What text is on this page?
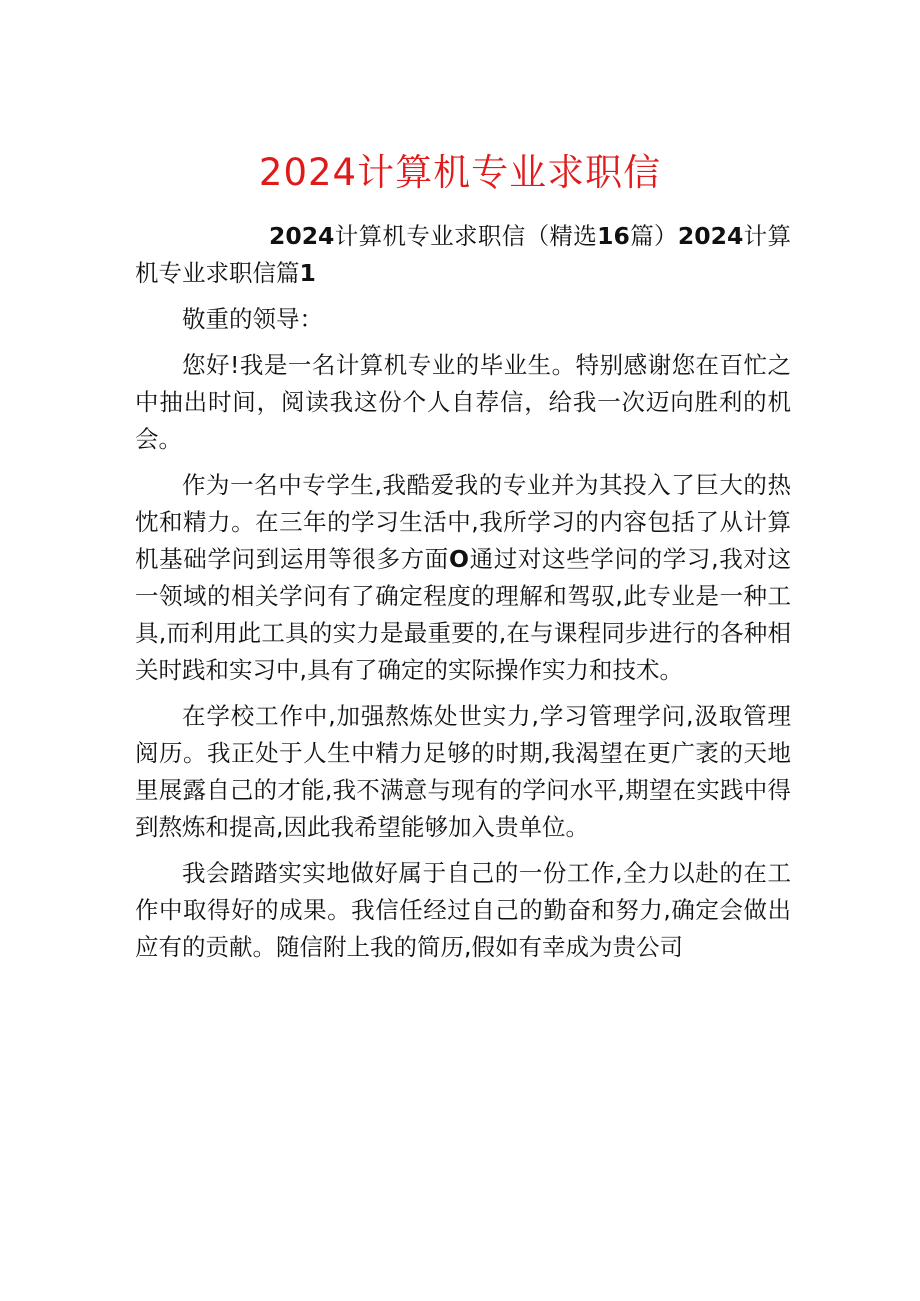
2024计算机专业求职信

2024计算机专业求职信（精选16篇）2024计算机专业求职信篇1

敬重的领导：

您好!我是一名计算机专业的毕业生。特别感谢您在百忙之中抽出时间，阅读我这份个人自荐信，给我一次迈向胜利的机会。

作为一名中专学生,我酷爱我的专业并为其投入了巨大的热忱和精力。在三年的学习生活中,我所学习的内容包括了从计算机基础学问到运用等很多方面O通过对这些学问的学习,我对这一领域的相关学问有了确定程度的理解和驾驭,此专业是一种工具,而利用此工具的实力是最重要的,在与课程同步进行的各种相关时践和实习中,具有了确定的实际操作实力和技术。

在学校工作中,加强熬炼处世实力,学习管理学问,汲取管理阅历。我正处于人生中精力足够的时期,我渴望在更广袤的天地里展露自己的才能,我不满意与现有的学问水平,期望在实践中得到熬炼和提高,因此我希望能够加入贵单位。

我会踏踏实实地做好属于自己的一份工作,全力以赴的在工作中取得好的成果。我信任经过自己的勤奋和努力,确定会做出应有的贡献。随信附上我的简历,假如有幸成为贵公司
